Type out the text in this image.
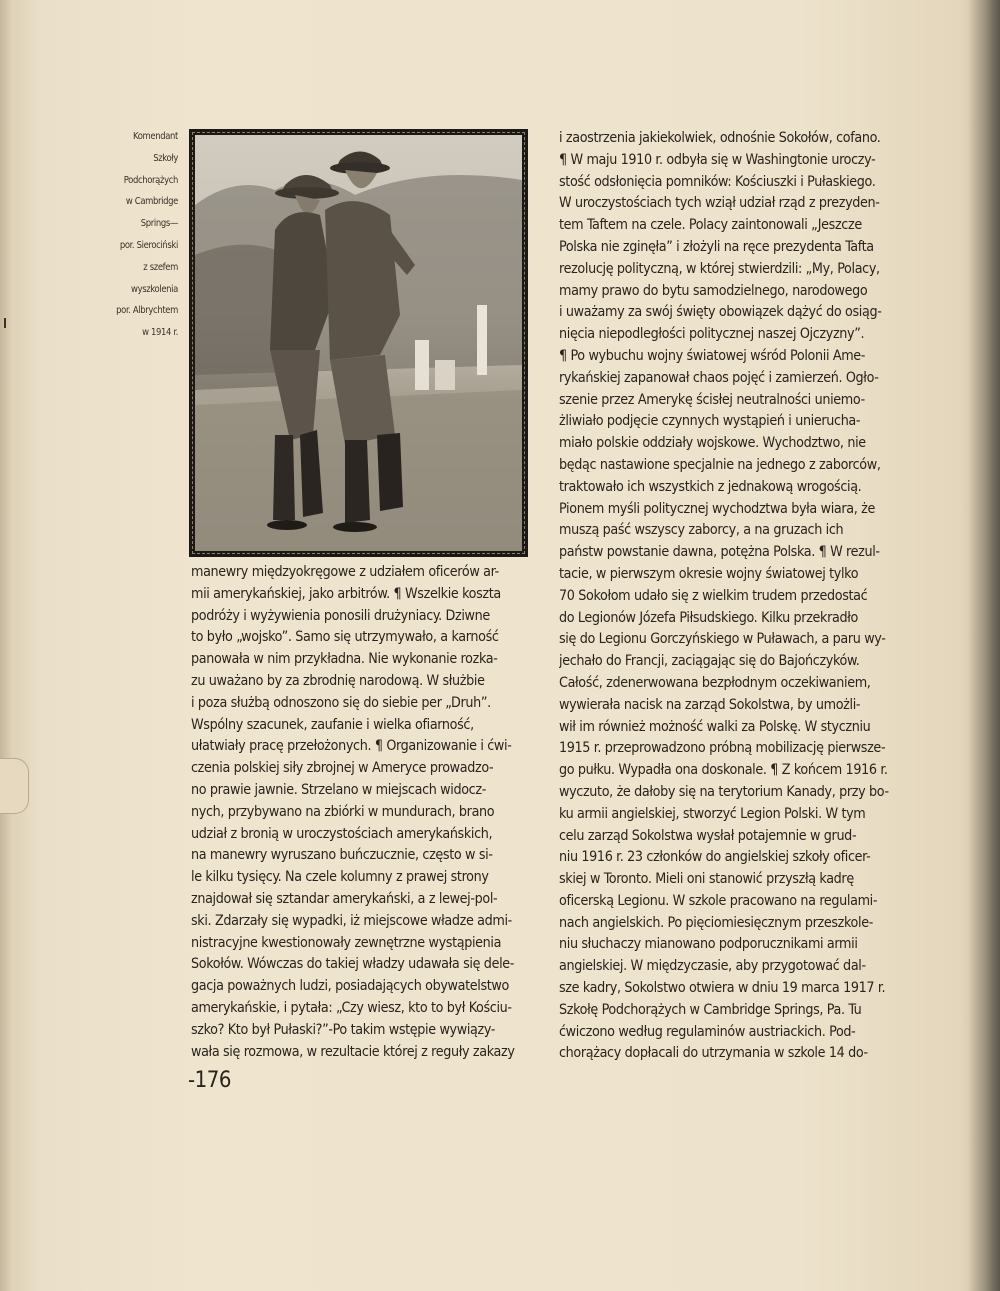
Komendant
Szkoły
Podchorążych
w Cambridge
Springs—
por. Sierociński
z szefem
wyszkolenia
por. Albrychtem
w 1914 r.
manewry międzyokręgowe z udziałem oficerów ar-
mii amerykańskiej, jako arbitrów. ¶ Wszelkie koszta
podróży i wyżywienia ponosili drużyniacy. Dziwne
to było „wojsko”. Samo się utrzymywało, a karność
panowała w nim przykładna. Nie wykonanie rozka-
zu uważano by za zbrodnię narodową. W służbie
i poza służbą odnoszono się do siebie per „Druh”.
Wspólny szacunek, zaufanie i wielka ofiarność,
ułatwiały pracę przełożonych. ¶ Organizowanie i ćwi-
czenia polskiej siły zbrojnej w Ameryce prowadzo-
no prawie jawnie. Strzelano w miejscach widocz-
nych, przybywano na zbiórki w mundurach, brano
udział z bronią w uroczystościach amerykańskich,
na manewry wyruszano buńczucznie, często w si-
le kilku tysięcy. Na czele kolumny z prawej strony
znajdował się sztandar amerykański, a z lewej-pol-
ski. Zdarzały się wypadki, iż miejscowe władze admi-
nistracyjne kwestionowały zewnętrzne wystąpienia
Sokołów. Wówczas do takiej władzy udawała się dele-
gacja poważnych ludzi, posiadających obywatelstwo
amerykańskie, i pytała: „Czy wiesz, kto to był Kościu-
szko? Kto był Pułaski?”-Po takim wstępie wywiązy-
wała się rozmowa, w rezultacie której z reguły zakazy
i zaostrzenia jakiekolwiek, odnośnie Sokołów, cofano.
¶ W maju 1910 r. odbyła się w Washingtonie uroczy-
stość odsłonięcia pomników: Kościuszki i Pułaskiego.
W uroczystościach tych wziął udział rząd z prezyden-
tem Taftem na czele. Polacy zaintonowali „Jeszcze
Polska nie zginęła” i złożyli na ręce prezydenta Tafta
rezolucję polityczną, w której stwierdzili: „My, Polacy,
mamy prawo do bytu samodzielnego, narodowego
i uważamy za swój święty obowiązek dążyć do osiąg-
nięcia niepodległości politycznej naszej Ojczyzny”.
¶ Po wybuchu wojny światowej wśród Polonii Ame-
rykańskiej zapanował chaos pojęć i zamierzeń. Ogło-
szenie przez Amerykę ścisłej neutralności uniemo-
żliwiało podjęcie czynnych wystąpień i unierucha-
miało polskie oddziały wojskowe. Wychodztwo, nie
będąc nastawione specjalnie na jednego z zaborców,
traktowało ich wszystkich z jednakową wrogością.
Pionem myśli politycznej wychodztwa była wiara, że
muszą paść wszyscy zaborcy, a na gruzach ich
państw powstanie dawna, potężna Polska. ¶ W rezul-
tacie, w pierwszym okresie wojny światowej tylko
70 Sokołom udało się z wielkim trudem przedostać
do Legionów Józefa Piłsudskiego. Kilku przekradło
się do Legionu Gorczyńskiego w Puławach, a paru wy-
jechało do Francji, zaciągając się do Bajończyków.
Całość, zdenerwowana bezpłodnym oczekiwaniem,
wywierała nacisk na zarząd Sokolstwa, by umożli-
wił im również możność walki za Polskę. W styczniu
1915 r. przeprowadzono próbną mobilizację pierwsze-
go pułku. Wypadła ona doskonale. ¶ Z końcem 1916 r.
wyczuto, że dałoby się na terytorium Kanady, przy bo-
ku armii angielskiej, stworzyć Legion Polski. W tym
celu zarząd Sokolstwa wysłał potajemnie w grud-
niu 1916 r. 23 członków do angielskiej szkoły oficer-
skiej w Toronto. Mieli oni stanowić przyszłą kadrę
oficerską Legionu. W szkole pracowano na regulami-
nach angielskich. Po pięciomiesięcznym przeszkole-
niu słuchaczy mianowano podporucznikami armii
angielskiej. W międzyczasie, aby przygotować dal-
sze kadry, Sokolstwo otwiera w dniu 19 marca 1917 r.
Szkołę Podchorążych w Cambridge Springs, Pa. Tu
ćwiczono według regulaminów austriackich. Pod-
chorążacy dopłacali do utrzymania w szkole 14 do-
-176
